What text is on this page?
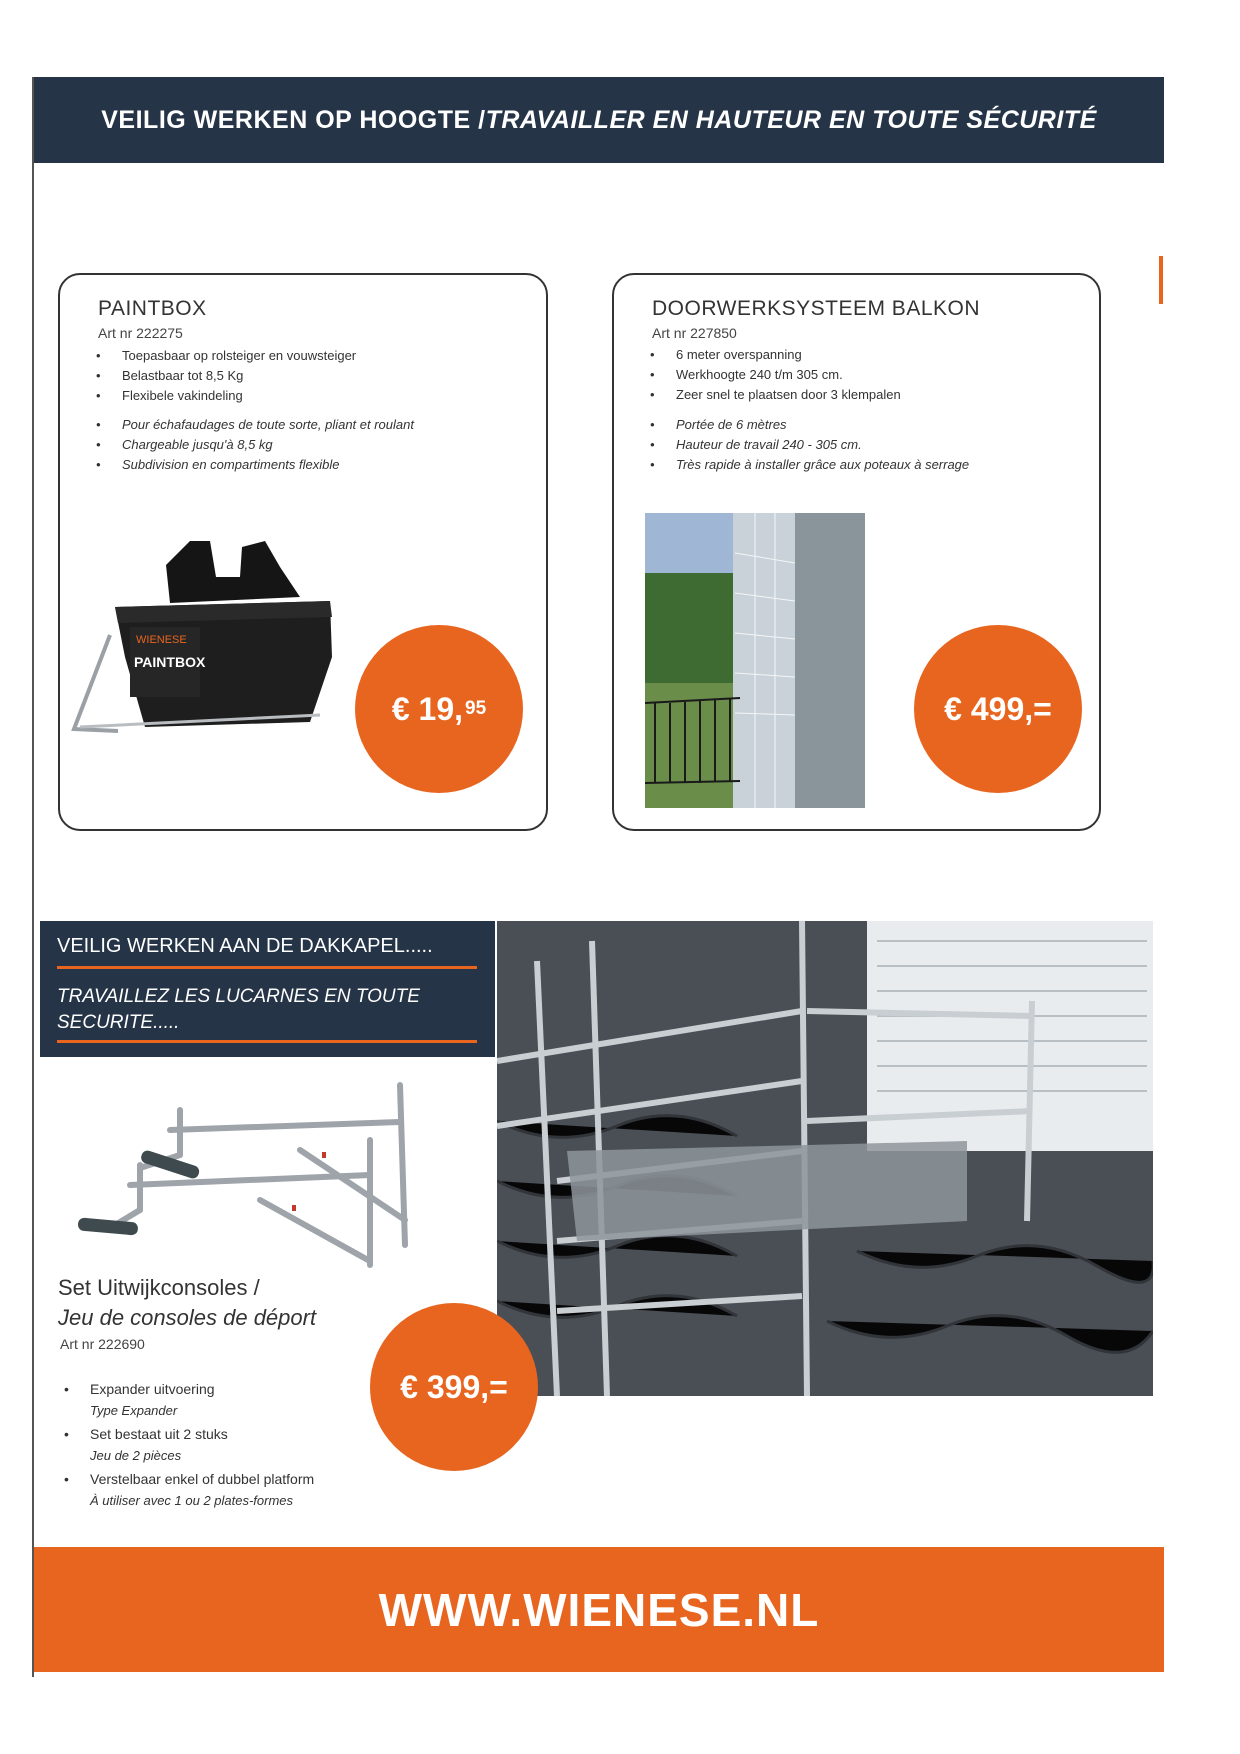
VEILIG WERKEN OP HOOGTE / TRAVAILLER EN HAUTEUR EN TOUTE SÉCURITÉ
PAINTBOX
Art nr 222275
• Toepasbaar op rolsteiger en vouwsteiger
• Belastbaar tot 8,5 Kg
• Flexibele vakindeling
• Pour échafaudages de toute sorte, pliant et roulant
• Chargeable jusqu'à 8,5 kg
• Subdivision en compartiments flexible
WIENESE
PAINTBOX
€ 19, 95
DOORWERKSYSTEEM BALKON
Art nr 227850
• 6 meter overspanning
• Werkhoogte 240 t/m 305 cm.
• Zeer snel te plaatsen door 3 klempalen
• Portée de 6 mètres
• Hauteur de travail 240 - 305 cm.
• Très rapide à installer grâce aux poteaux à serrage
€ 499,=
VEILIG WERKEN AAN DE DAKKAPEL.....
TRAVAILLEZ LES LUCARNES EN TOUTE SECURITE.....
Set Uitwijkconsoles /
Jeu de consoles de déport
Art nr 222690
€ 399,=
• Expander uitvoering
Type Expander
• Set bestaat uit 2 stuks
Jeu de 2 pièces
• Verstelbaar enkel of dubbel platform
À utiliser avec 1 ou 2 plates-formes
WWW.WIENESE.NL
